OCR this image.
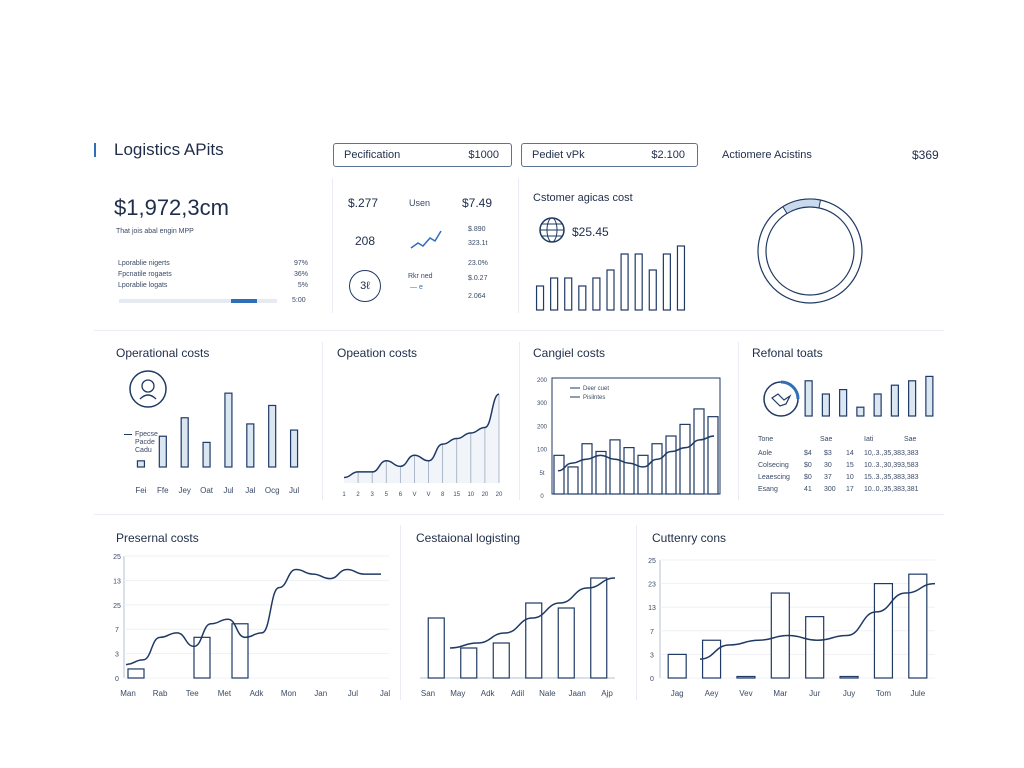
Logistics APits	Pecification	$1000	Pediet vPk	$2.100	Actiomere Acistins	$369
$1,972,3cm
That jois abal engin MPP
Lporablie nigerts	97%
Fpcnatile rogaets	36%
Lporablie logats	5%
5:00
$.277	Usen	$7.49
208
$.890
323.1t
3ℓ
Rkr ned
— e
23.0%
$.0.27
2.064
Cstomer agicas cost
$25.45
Operational costs
Fpecse
Pacde
Cadu
Fei Ffe Jey Oat Jul Jal Ocg Jul
Opeation costs
1 2 3 5 6 V V 8 15 10 20 20
Cangiel costs
200
300
200
100
5t
0
Deer cuet
Pisilntes
Refonal toats
Tone	Sae	Iati	Sae
Aole	$4 $3 14 10,.3.,35,383,383
Colsecing $0 30 15 10..3.,30,393,583
Leaescing $0 37 10 15..3.,35,383,383
Esang	41 300 17 10..0.,35,383,381
Presernal costs
25
13
25
7
3
0
Man Rab Tee Met Adk Mon Jan	Jul	Jal
Cestaional logisting
San May Adk Adil Nale Jaan Ajp
Cuttenry cons
25
23
13
7
3
0
Jag	Aey	Vev	Mar	Jur	Juy	Tom Jule
